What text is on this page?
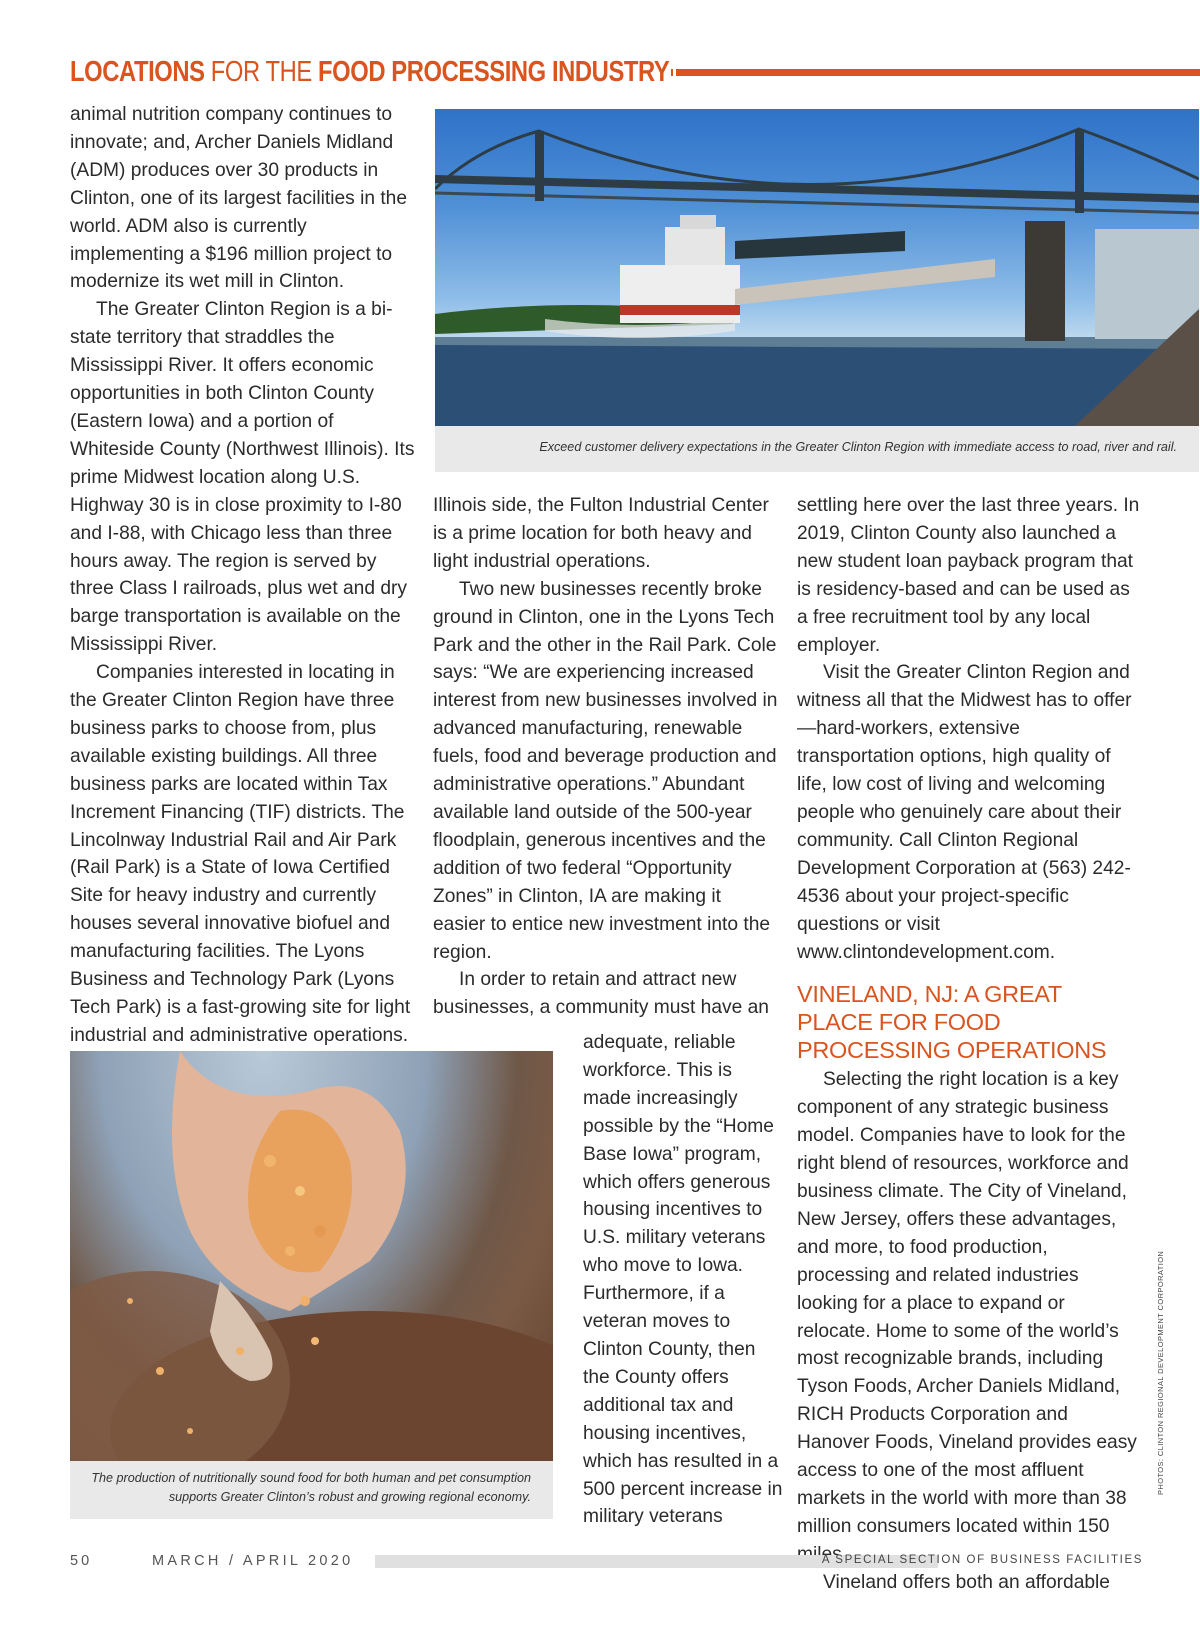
LOCATIONS FOR THE FOOD PROCESSING INDUSTRY

animal nutrition company continues to innovate; and, Archer Daniels Midland (ADM) produces over 30 products in Clinton, one of its largest facilities in the world. ADM also is currently implementing a $196 million project to modernize its wet mill in Clinton.

The Greater Clinton Region is a bi-state territory that straddles the Mississippi River. It offers economic opportunities in both Clinton County (Eastern Iowa) and a portion of Whiteside County (Northwest Illinois). Its prime Midwest location along U.S. Highway 30 is in close proximity to I-80 and I-88, with Chicago less than three hours away. The region is served by three Class I railroads, plus wet and dry barge transportation is available on the Mississippi River.

Companies interested in locating in the Greater Clinton Region have three business parks to choose from, plus available existing buildings. All three business parks are located within Tax Increment Financing (TIF) districts. The Lincolnway Industrial Rail and Air Park (Rail Park) is a State of Iowa Certified Site for heavy industry and currently houses several innovative biofuel and manufacturing facilities. The Lyons Business and Technology Park (Lyons Tech Park) is a fast-growing site for light industrial and administrative operations.

Exceed customer delivery expectations in the Greater Clinton Region with immediate access to road, river and rail.

Illinois side, the Fulton Industrial Center is a prime location for both heavy and light industrial operations.

Two new businesses recently broke ground in Clinton, one in the Lyons Tech Park and the other in the Rail Park. Cole says: “We are experiencing increased interest from new businesses involved in advanced manufacturing, renewable fuels, food and beverage production and administrative operations.” Abundant available land outside of the 500-year floodplain, generous incentives and the addition of two federal “Opportunity Zones” in Clinton, IA are making it easier to entice new investment into the region.

In order to retain and attract new businesses, a community must have an

adequate, reliable workforce. This is made increasingly possible by the “Home Base Iowa” program, which offers generous housing incentives to U.S. military veterans who move to Iowa. Furthermore, if a veteran moves to Clinton County, then the County offers additional tax and housing incentives, which has resulted in a 500 percent increase in military veterans

settling here over the last three years. In 2019, Clinton County also launched a new student loan payback program that is residency-based and can be used as a free recruitment tool by any local employer.

Visit the Greater Clinton Region and witness all that the Midwest has to offer—hard-workers, extensive transportation options, high quality of life, low cost of living and welcoming people who genuinely care about their community. Call Clinton Regional Development Corporation at (563) 242-4536 about your project-specific questions or visit www.clintondevelopment.com.

VINELAND, NJ: A GREAT PLACE FOR FOOD PROCESSING OPERATIONS

Selecting the right location is a key component of any strategic business model. Companies have to look for the right blend of resources, workforce and business climate. The City of Vineland, New Jersey, offers these advantages, and more, to food production, processing and related industries looking for a place to expand or relocate. Home to some of the world’s most recognizable brands, including Tyson Foods, Archer Daniels Midland, RICH Products Corporation and Hanover Foods, Vineland provides easy access to one of the most affluent markets in the world with more than 38 million consumers located within 150

Vineland offers both an affordable

The production of nutritionally sound food for both human and pet consumption supports Greater Clinton’s robust and growing regional economy.
PHOTOS: CLINTON REGIONAL DEVELOPMENT CORPORATION
50	MARCH / APRIL 2020	A SPECIAL SECTION OF BUSINESS FACILITIES
